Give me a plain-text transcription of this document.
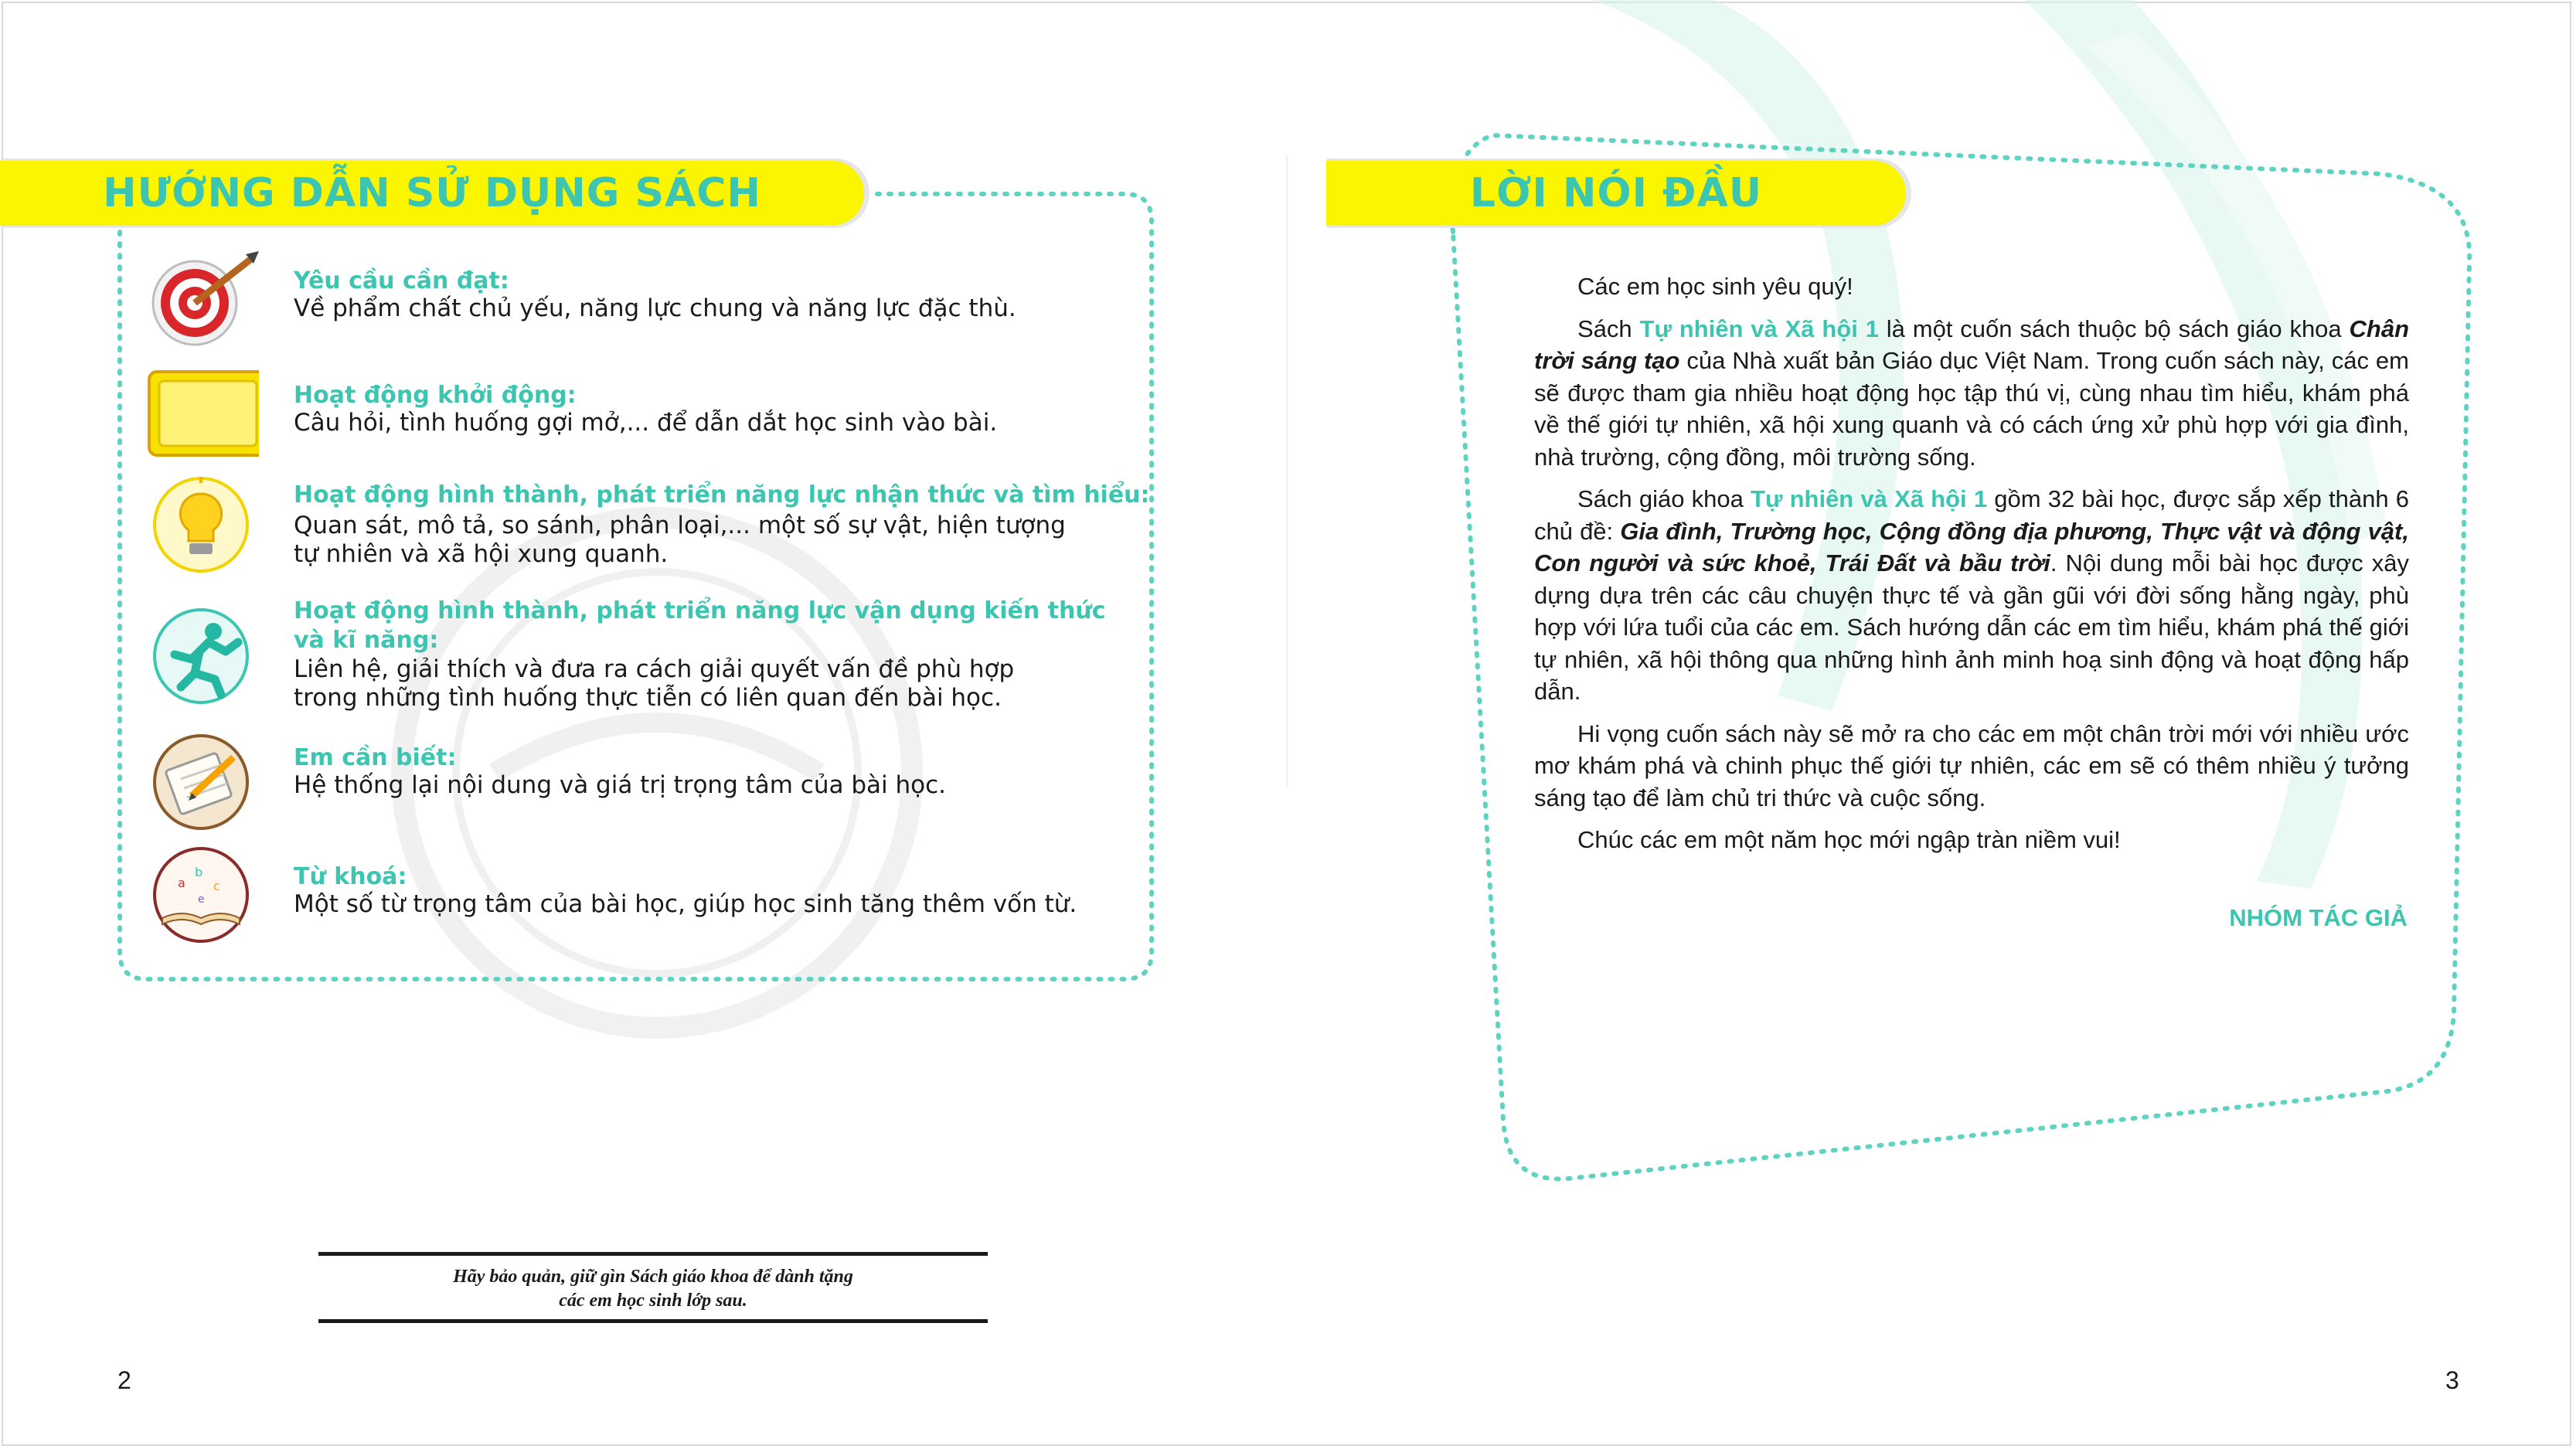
HƯỚNG DẪN SỬ DỤNG SÁCH
Yêu cầu cần đạt:
Về phẩm chất chủ yếu, năng lực chung và năng lực đặc thù.
Hoạt động khởi động:
Câu hỏi, tình huống gợi mở,... để dẫn dắt học sinh vào bài.
Hoạt động hình thành, phát triển năng lực nhận thức và tìm hiểu:
Quan sát, mô tả, so sánh, phân loại,... một số sự vật, hiện tượng
tự nhiên và xã hội xung quanh.
Hoạt động hình thành, phát triển năng lực vận dụng kiến thức
và kĩ năng:
Liên hệ, giải thích và đưa ra cách giải quyết vấn đề phù hợp
trong những tình huống thực tiễn có liên quan đến bài học.
Em cần biết:
Hệ thống lại nội dung và giá trị trọng tâm của bài học.
a
b
c
e
Từ khoá:
Một số từ trọng tâm của bài học, giúp học sinh tăng thêm vốn từ.
Hãy bảo quản, giữ gìn Sách giáo khoa để dành tặng
các em học sinh lớp sau.
2
LỜI NÓI ĐẦU

Các em học sinh yêu quý!

Sách Tự nhiên và Xã hội 1 là một cuốn sách thuộc bộ sách giáo khoa Chân trời sáng tạo của Nhà xuất bản Giáo dục Việt Nam. Trong cuốn sách này, các em sẽ được tham gia nhiều hoạt động học tập thú vị, cùng nhau tìm hiểu, khám phá về thế giới tự nhiên, xã hội xung quanh và có cách ứng xử phù hợp với gia đình, nhà trường, cộng đồng, môi trường sống.

Sách giáo khoa Tự nhiên và Xã hội 1 gồm 32 bài học, được sắp xếp thành 6 chủ đề: Gia đình, Trường học, Cộng đồng địa phương, Thực vật và động vật, Con người và sức khoẻ, Trái Đất và bầu trời. Nội dung mỗi bài học được xây dựng dựa trên các câu chuyện thực tế và gần gũi với đời sống hằng ngày, phù hợp với lứa tuổi của các em. Sách hướng dẫn các em tìm hiểu, khám phá thế giới tự nhiên, xã hội thông qua những hình ảnh minh hoạ sinh động và hoạt động hấp dẫn.

Hi vọng cuốn sách này sẽ mở ra cho các em một chân trời mới với nhiều ước mơ khám phá và chinh phục thế giới tự nhiên, các em sẽ có thêm nhiều ý tưởng sáng tạo để làm chủ tri thức và cuộc sống.

Chúc các em một năm học mới ngập tràn niềm vui!

NHÓM TÁC GIẢ
3
